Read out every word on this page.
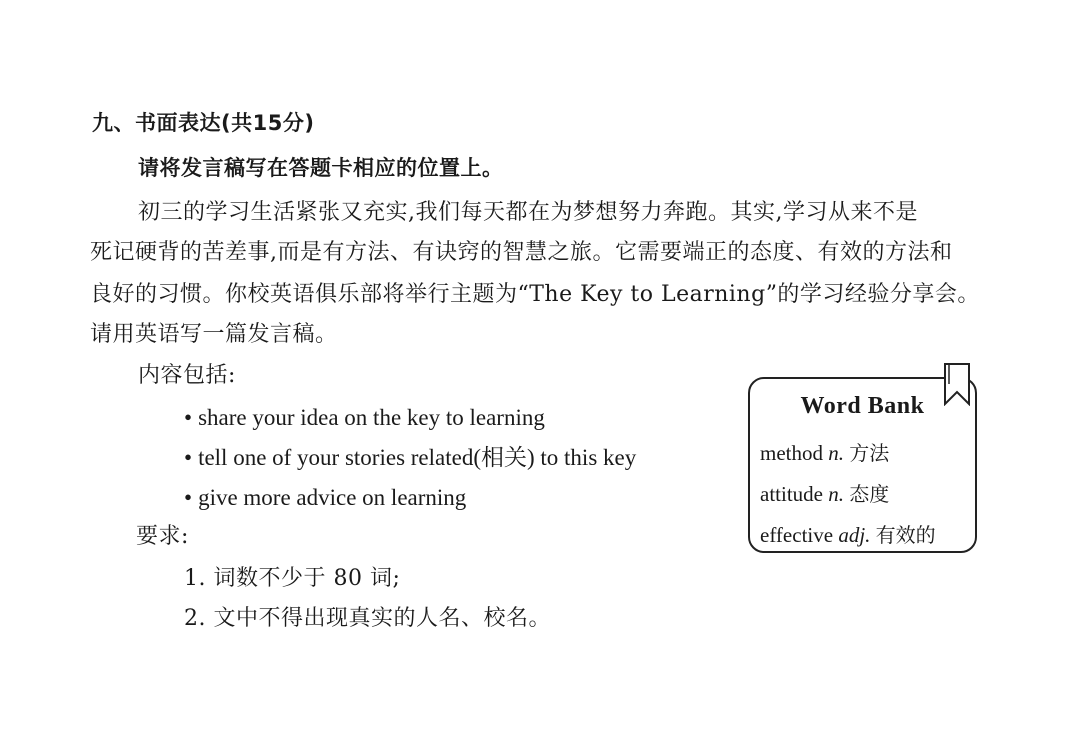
九、书面表达(共15分)
请将发言稿写在答题卡相应的位置上。
初三的学习生活紧张又充实,我们每天都在为梦想努力奔跑。其实,学习从来不是
死记硬背的苦差事,而是有方法、有诀窍的智慧之旅。它需要端正的态度、有效的方法和
良好的习惯。你校英语俱乐部将举行主题为“The Key to Learning”的学习经验分享会。
请用英语写一篇发言稿。
内容包括:
• share your idea on the key to learning
• tell one of your stories related(相关) to this key
• give more advice on learning
要求:
1. 词数不少于 80 词;
2. 文中不得出现真实的人名、校名。
Word Bank
method n. 方法
attitude n. 态度
effective adj. 有效的
